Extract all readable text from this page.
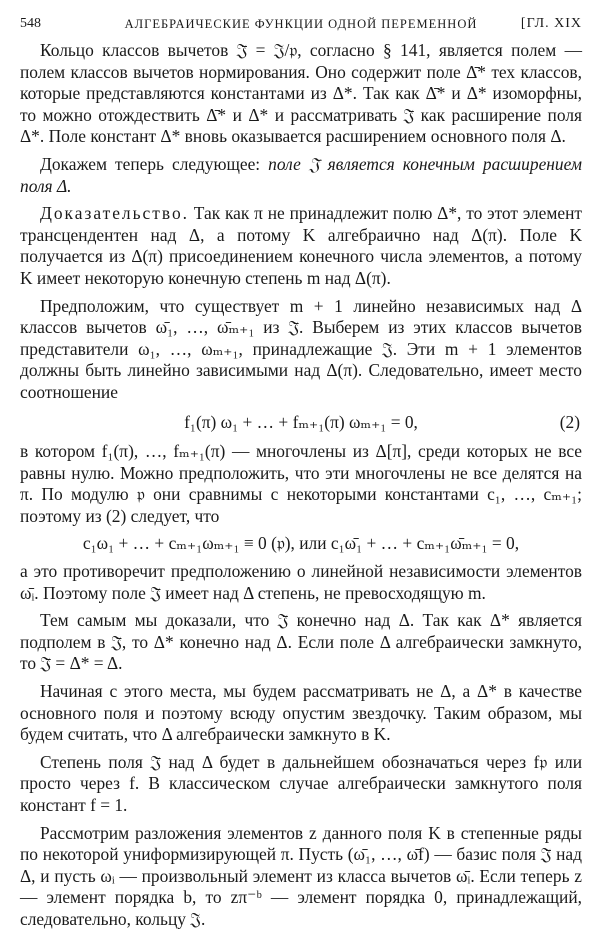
548	АЛГЕБРАИЧЕСКИЕ ФУНКЦИИ ОДНОЙ ПЕРЕМЕННОЙ	[ГЛ. XIX

Кольцо классов вычетов 𝔍̄ = 𝔍/𝔭, согласно § 141, является полем — полем классов вычетов нормирования. Оно содержит поле Δ̄* тех классов, которые представляются константами из Δ*. Так как Δ̄* и Δ* изоморфны, то можно отождествить Δ̄* и Δ* и рассматривать 𝔍̄ как расширение поля Δ*. Поле констант Δ* вновь оказывается расширением основного поля Δ.

Докажем теперь следующее: поле 𝔍̄ является конечным расширением поля Δ.

Доказательство. Так как π не принадлежит полю Δ*, то этот элемент трансцендентен над Δ, а потому K алгебраично над Δ(π). Поле K получается из Δ(π) присоединением конечного числа элементов, а потому K имеет некоторую конечную степень m над Δ(π).

Предположим, что существует m + 1 линейно независимых над Δ классов вычетов ω̄₁, …, ω̄ₘ₊₁ из 𝔍̄. Выберем из этих классов вычетов представители ω₁, …, ωₘ₊₁, принадлежащие 𝔍. Эти m + 1 элементов должны быть линейно зависимыми над Δ(π). Следовательно, имеет место соотношение

f₁(π) ω₁ + … + fₘ₊₁(π) ωₘ₊₁ = 0,	(2)

в котором f₁(π), …, fₘ₊₁(π) — многочлены из Δ[π], среди которых не все равны нулю. Можно предположить, что эти многочлены не все делятся на π. По модулю 𝔭 они сравнимы с некоторыми константами c₁, …, cₘ₊₁; поэтому из (2) следует, что

c₁ω₁ + … + cₘ₊₁ωₘ₊₁ ≡ 0 (𝔭), или c₁ω̄₁ + … + cₘ₊₁ω̄ₘ₊₁ = 0,

а это противоречит предположению о линейной независимости элементов ω̄ᵢ. Поэтому поле 𝔍̄ имеет над Δ степень, не превосходящую m.

Тем самым мы доказали, что 𝔍̄ конечно над Δ. Так как Δ* является подполем в 𝔍̄, то Δ* конечно над Δ. Если поле Δ алгебраически замкнуто, то 𝔍̄ = Δ* = Δ.

Начиная с этого места, мы будем рассматривать не Δ, а Δ* в качестве основного поля и поэтому всюду опустим звездочку. Таким образом, мы будем считать, что Δ алгебраически замкнуто в K.

Степень поля 𝔍̄ над Δ будет в дальнейшем обозначаться через f𝔭 или просто через f. В классическом случае алгебраически замкнутого поля констант f = 1.

Рассмотрим разложения элементов z данного поля K в степенные ряды по некоторой униформизирующей π. Пусть (ω̄₁, …, ω̄f) — базис поля 𝔍̄ над Δ, и пусть ωᵢ — произвольный элемент из класса вычетов ω̄ᵢ. Если теперь z — элемент порядка b, то zπ⁻ᵇ — элемент порядка 0, принадлежащий, следовательно, кольцу 𝔍.
